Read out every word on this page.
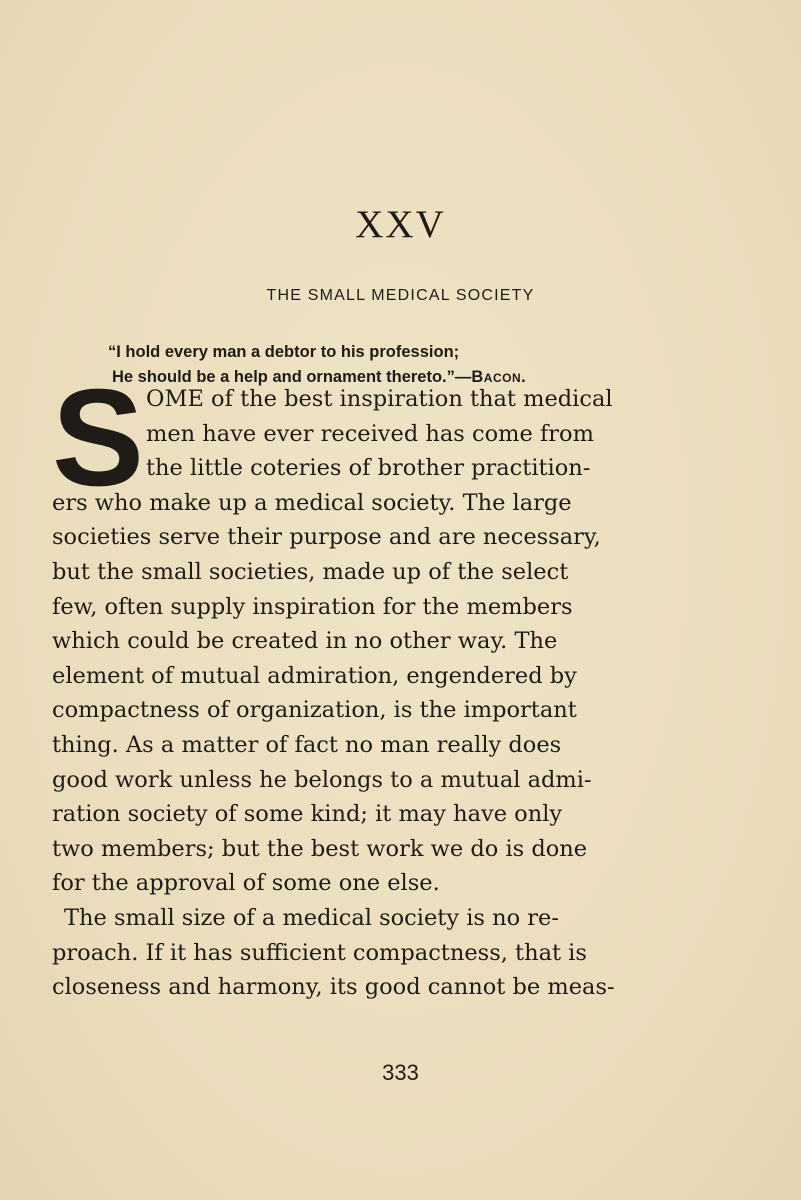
XXV
THE SMALL MEDICAL SOCIETY
“I hold every man a debtor to his profession;
He should be a help and ornament thereto.”—Bacon.
S OME of the best inspiration that medical
men have ever received has come from
the little coteries of brother practition-
ers who make up a medical society. The large
societies serve their purpose and are necessary,
but the small societies, made up of the select
few, often supply inspiration for the members
which could be created in no other way. The
element of mutual admiration, engendered by
compactness of organization, is the important
thing. As a matter of fact no man really does
good work unless he belongs to a mutual admi-
ration society of some kind; it may have only
two members; but the best work we do is done
for the approval of some one else.
The small size of a medical society is no re-
proach. If it has sufficient compactness, that is
closeness and harmony, its good cannot be meas-
333
